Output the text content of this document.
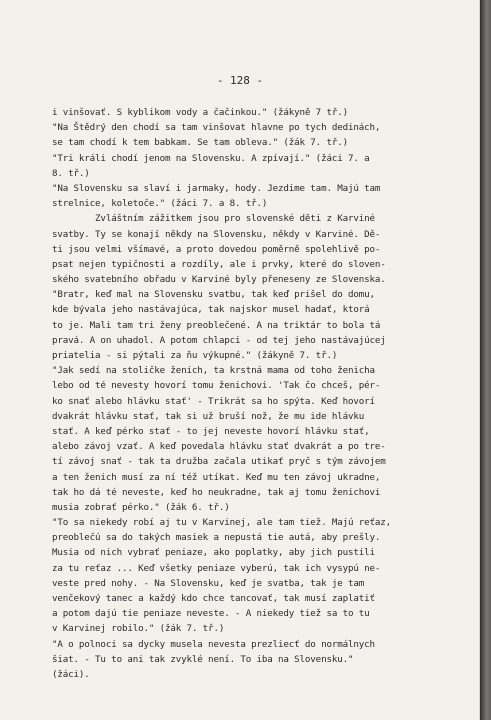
- 128 -
i vinšovať. S kyblikom vody a čačinkou." (žákyně 7 tř.)
"Na Štědrý den chodí sa tam vinšovat hlavne po tych dedinách,
se tam chodí k tem babkam. Se tam obleva." (žák 7. tř.)
"Tri králi chodí jenom na Slovensku. A zpívají." (žáci 7. a
8. tř.)
"Na Slovensku sa slaví i jarmaky, hody. Jezdime tam. Majú tam
strelnice, koletoče." (žáci 7. a 8. tř.)
Zvláštním zážitkem jsou pro slovenské děti z Karviné
svatby. Ty se konají někdy na Slovensku, někdy v Karviné. Dě-
ti jsou velmi všímavé, a proto dovedou poměrně spolehlivě po-
psat nejen typičnosti a rozdíly, ale i prvky, které do sloven-
ského svatebního obřadu v Karviné byly přeneseny ze Slovenska.
"Bratr, keď mal na Slovensku svatbu, tak keď prišel do domu,
kde bývala jeho nastávajúca, tak najskor musel hadať, ktorá
to je. Mali tam tri ženy preoblečené. A na triktár to bola tá
pravá. A on uhadol. A potom chlapci - od tej jeho nastávajúcej
priatelia - si pýtali za ňu výkupné." (žákyně 7. tř.)
"Jak sedí na stoličke ženich, ta krstná mama od toho ženicha
lebo od té nevesty hovorí tomu ženichovi. 'Tak čo chceš, pér-
ko snať alebo hlávku stať' - Trikrát sa ho spýta. Keď hovorí
dvakrát hlávku stať, tak si už bruší nož, že mu ide hlávku
stať. A keď pérko stať - to jej neveste hovorí hlávku stať,
alebo závoj vzať. A keď povedala hlávku stať dvakrát a po tre-
tí závoj snať - tak ta družba začala utikať pryč s tým závojem
a ten ženich musí za ní též utíkat. Keď mu ten závoj ukradne,
tak ho dá té neveste, keď ho neukradne, tak aj tomu ženichovi
musia zobrať pérko." (žák 6. tř.)
"To sa niekedy robí aj tu v Karvinej, ale tam tiež. Majú reťaz,
preoblečú sa do takých masiek a nepustá tie autá, aby prešly.
Musia od nich vybrať peniaze, ako poplatky, aby jich pustili
za tu reťaz ... Keď všetky peniaze vyberú, tak ich vysypú ne-
veste pred nohy. - Na Slovensku, keď je svatba, tak je tam
venčekový tanec a každý kdo chce tancovať, tak musí zaplatiť
a potom dajú tie peniaze neveste. - A niekedy tiež sa to tu
v Karvinej robilo." (žák 7. tř.)
"A o polnoci sa dycky musela nevesta prezliecť do normálnych
šiat. - Tu to ani tak zvyklé není. To iba na Slovensku."
(žáci).
